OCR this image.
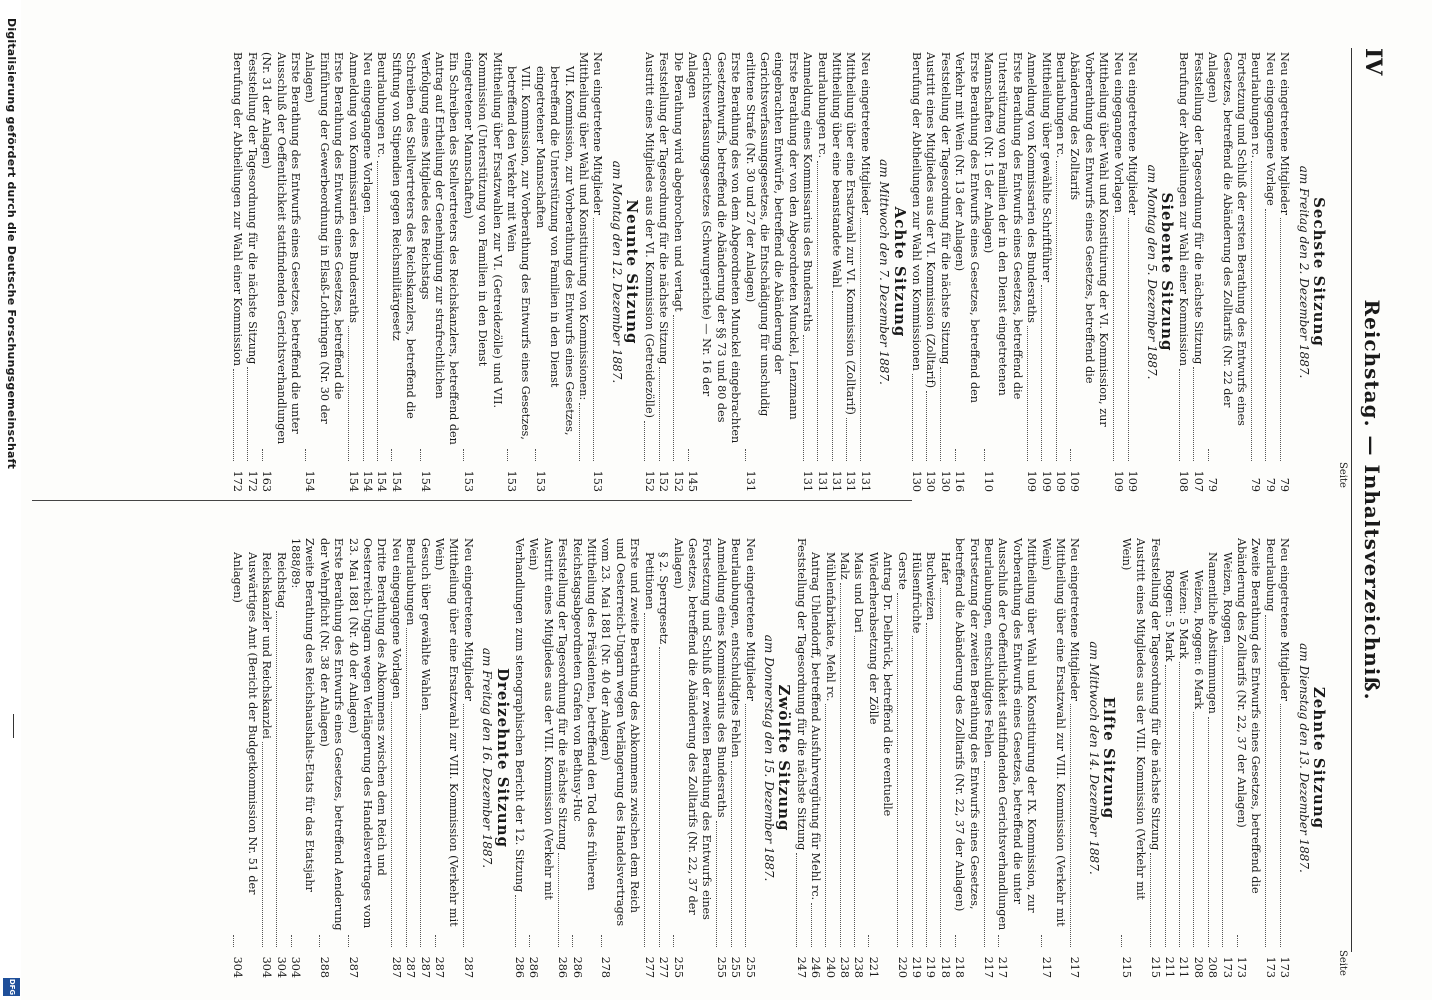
IV
Reichstag. — Inhaltsverzeichniß.
Seite
Seite
Sechste Sitzung
am Freitag den 2. Dezember 1887.
Neu eingetretene Mitglieder
79
Neu eingegangene Vorlage
79
Beurlaubungen rc.
79
Fortsetzung und Schluß der ersten Berathung des Entwurfs eines Gesetzes, betreffend die Abänderung des Zolltarifs (Nr. 22 der Anlagen)
79
Feststellung der Tagesordnung für die nächste Sitzung
107
Berufung der Abtheilungen zur Wahl einer Kommission
108
Siebente Sitzung
am Montag den 5. Dezember 1887.
Neu eingetretene Mitglieder
109
Neu eingegangene Vorlagen
109
Mittheilung über Wahl und Konstituirung der VI. Kommission, zur Vorberathung des Entwurfs eines Gesetzes, betreffend die Abänderung des Zolltarifs
109
Beurlaubungen rc.
109
Mittheilung über gewählte Schriftführer
109
Anmeldung von Kommissarien des Bundesraths
109
Erste Berathung des Entwurfs eines Gesetzes, betreffend die Unterstützung von Familien der in den Dienst eingetretenen Mannschaften (Nr. 15 der Anlagen)
110
Erste Berathung des Entwurfs eines Gesetzes, betreffend den Verkehr mit Wein (Nr. 13 der Anlagen)
116
Feststellung der Tagesordnung für die nächste Sitzung
130
Austritt eines Mitgliedes aus der VI. Kommission (Zolltarif)
130
Berufung der Abtheilungen zur Wahl von Kommissionen
130
Achte Sitzung
am Mittwoch den 7. Dezember 1887.
Neu eingetretene Mitglieder
131
Mittheilung über eine Ersatzwahl zur VI. Kommission (Zolltarif)
131
Mittheilung über eine beanstandete Wahl
131
Beurlaubungen rc.
131
Anmeldung eines Kommissarius des Bundesraths
131
Erste Berathung der von den Abgeordneten Munckel, Lenzmann eingebrachten Entwürfe, betreffend die Abänderung der Gerichtsverfassungsgesetzes, die Entschädigung für unschuldig erlittene Strafe (Nr. 30 und 27 der Anlagen)
131
Erste Berathung des von dem Abgeordneten Munckel eingebrachten Gesetzentwurfs, betreffend die Abänderung der §§ 73 und 80 des Gerichtsverfassungsgesetzes (Schwurgerichte) — Nr. 16 der Anlagen
145
Die Berathung wird abgebrochen und vertagt
152
Feststellung der Tagesordnung für die nächste Sitzung
152
Austritt eines Mitgliedes aus der VI. Kommission (Getreidezölle)
152
Neunte Sitzung
am Montag den 12. Dezember 1887.
Neu eingetretene Mitglieder
153
Mittheilung über Wahl und Konstituirung von Kommissionen:
VII. Kommission, zur Vorberathung des Entwurfs eines Gesetzes, betreffend die Unterstützung von Familien in den Dienst eingetretener Mannschaften
153
VIII. Kommission, zur Vorberathung des Entwurfs eines Gesetzes, betreffend den Verkehr mit Wein
153
Mittheilung über Ersatzwahlen zur VI. (Getreidezölle) und VII. Kommission (Unterstützung von Familien in den Dienst eingetretener Mannschaften)
153
Ein Schreiben des Stellvertreters des Reichskanzlers, betreffend den Antrag auf Ertheilung der Genehmigung zur strafrechtlichen Verfolgung eines Mitgliedes des Reichstags
154
Schreiben des Stellvertreters des Reichskanzlers, betreffend die Stiftung von Stipendien gegen Reichsmilitärgesetz
154
Beurlaubungen rc.
154
Neu eingegangene Vorlagen
154
Anmeldung von Kommissarien des Bundesraths
154
Erste Berathung des Entwurfs eines Gesetzes, betreffend die Einführung der Gewerbeordnung in Elsaß-Lothringen (Nr. 30 der Anlagen)
154
Erste Berathung des Entwurfs eines Gesetzes, betreffend die unter Ausschluß der Oeffentlichkeit stattfindenden Gerichtsverhandlungen (Nr. 31 der Anlagen)
163
Feststellung der Tagesordnung für die nächste Sitzung
172
Berufung der Abtheilungen zur Wahl einer Kommission
172
Zehnte Sitzung
am Dienstag den 13. Dezember 1887.
Neu eingetretene Mitglieder
173
Beurlaubung
173
Zweite Berathung des Entwurfs eines Gesetzes, betreffend die Abänderung des Zolltarifs (Nr. 22, 37 der Anlagen)
173
Weizen, Roggen
173
Namentliche Abstimmungen
208
Weizen, Roggen: 6 Mark
208
Weizen: 5 Mark
211
Roggen: 5 Mark
211
Feststellung der Tagesordnung für die nächste Sitzung
215
Austritt eines Mitgliedes aus der VIII. Kommission (Verkehr mit Wein)
215
Elfte Sitzung
am Mittwoch den 14. Dezember 1887.
Neu eingetretene Mitglieder
217
Mittheilung über eine Ersatzwahl zur VIII. Kommission (Verkehr mit Wein)
217
Mittheilung über Wahl und Konstituirung der IX. Kommission, zur Vorberathung des Entwurfs eines Gesetzes, betreffend die unter Ausschluß der Oeffentlichkeit stattfindenden Gerichtsverhandlungen
217
Beurlaubungen, entschuldigtes Fehlen
217
Fortsetzung der zweiten Berathung des Entwurfs eines Gesetzes, betreffend die Abänderung des Zolltarifs (Nr. 22, 37 der Anlagen)
218
Hafer
218
Buchweizen
219
Hülsenfrüchte
219
Gerste
220
Antrag Dr. Delbrück, betreffend die eventuelle Wiederherabsetzung der Zölle
221
Mais und Dari
238
Malz
238
Mühlenfabrikate, Mehl rc.
240
Antrag Uhlendorff, betreffend Ausfuhrvergütung für Mehl rc.
246
Feststellung der Tagesordnung für die nächste Sitzung
247
Zwölfte Sitzung
am Donnerstag den 15. Dezember 1887.
Neu eingetretene Mitglieder
255
Beurlaubungen, entschuldigtes Fehlen
255
Anmeldung eines Kommissarius des Bundesraths
255
Fortsetzung und Schluß der zweiten Berathung des Entwurfs eines Gesetzes, betreffend die Abänderung des Zolltarifs (Nr. 22, 37 der Anlagen)
255
§ 2. Sperrgesetz
277
Petitionen
277
Erste und zweite Berathung des Abkommens zwischen dem Reich und Oesterreich-Ungarn wegen Verlängerung des Handelsvertrages vom 23. Mai 1881 (Nr. 40 der Anlagen)
278
Mittheilung des Präsidenten, betreffend den Tod des früheren Reichstagsabgeordneten Grafen von Bethusy-Huc
286
Feststellung der Tagesordnung für die nächste Sitzung
286
Austritt eines Mitgliedes aus der VIII. Kommission (Verkehr mit Wein)
286
Verhandlungen zum stenographischen Bericht der 12. Sitzung
286
Dreizehnte Sitzung
am Freitag den 16. Dezember 1887.
Neu eingetretene Mitglieder
287
Mittheilung über eine Ersatzwahl zur VIII. Kommission (Verkehr mit Wein)
287
Gesuch über gewählte Wahlen
287
Beurlaubungen
287
Neu eingegangene Vorlagen
287
Dritte Berathung des Abkommens zwischen dem Reich und Oesterreich-Ungarn wegen Verlängerung des Handelsvertrages vom 23. Mai 1881 (Nr. 40 der Anlagen)
287
Erste Berathung des Entwurfs eines Gesetzes, betreffend Aenderung der Wehrpflicht (Nr. 38 der Anlagen)
288
Zweite Berathung des Reichshaushalts-Etats für das Etatsjahr 1888/89:
304
Reichstag
304
Reichskanzler und Reichskanzlei
304
Auswärtiges Amt (Bericht der Budgetkommission Nr. 51 der Anlagen)
304
Digitalisierung gefördert durch die Deutsche Forschungsgemeinschaft
DFG
